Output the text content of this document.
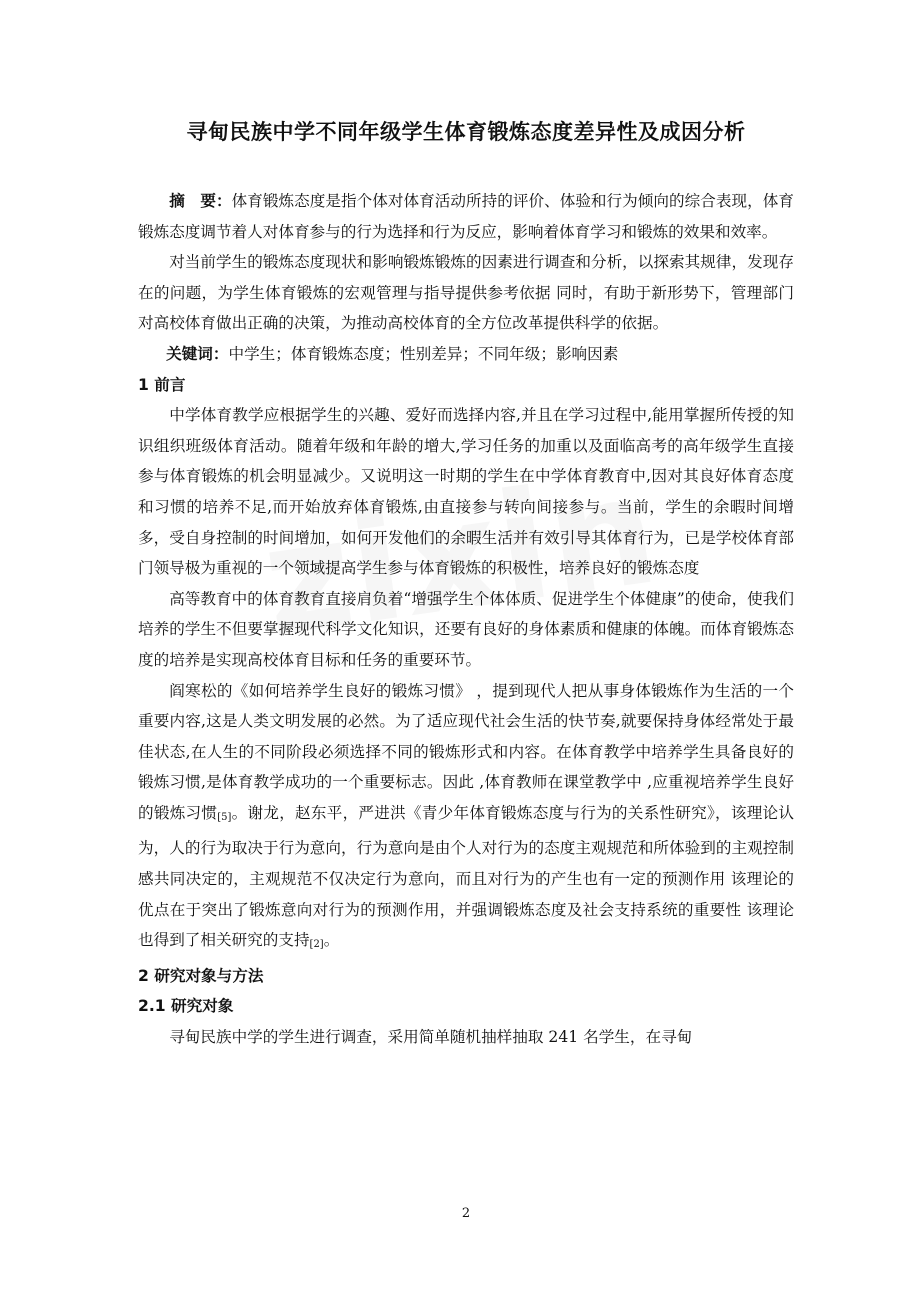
寻甸民族中学不同年级学生体育锻炼态度差异性及成因分析

摘　要：体育锻炼态度是指个体对体育活动所持的评价、体验和行为倾向的综合表现，体育锻炼态度调节着人对体育参与的行为选择和行为反应，影响着体育学习和锻炼的效果和效率。

对当前学生的锻炼态度现状和影响锻炼锻炼的因素进行调查和分析，以探索其规律，发现存在的问题，为学生体育锻炼的宏观管理与指导提供参考依据 同时，有助于新形势下，管理部门对高校体育做出正确的决策，为推动高校体育的全方位改革提供科学的依据。

关键词：中学生；体育锻炼态度；性别差异；不同年级；影响因素

1 前言

中学体育教学应根据学生的兴趣、爱好而选择内容,并且在学习过程中,能用掌握所传授的知识组织班级体育活动。随着年级和年龄的增大,学习任务的加重以及面临高考的高年级学生直接参与体育锻炼的机会明显减少。又说明这一时期的学生在中学体育教育中,因对其良好体育态度和习惯的培养不足,而开始放弃体育锻炼,由直接参与转向间接参与。当前，学生的余暇时间增多，受自身控制的时间增加，如何开发他们的余暇生活并有效引导其体育行为，已是学校体育部门领导极为重视的一个领域提高学生参与体育锻炼的积极性，培养良好的锻炼态度

高等教育中的体育教育直接肩负着“增强学生个体体质、促进学生个体健康”的使命，使我们培养的学生不但要掌握现代科学文化知识，还要有良好的身体素质和健康的体魄。而体育锻炼态度的培养是实现高校体育目标和任务的重要环节。

阎寒松的《如何培养学生良好的锻炼习惯》 ，提到现代人把从事身体锻炼作为生活的一个重要内容,这是人类文明发展的必然。为了适应现代社会生活的快节奏,就要保持身体经常处于最佳状态,在人生的不同阶段必须选择不同的锻炼形式和内容。在体育教学中培养学生具备良好的锻炼习惯,是体育教学成功的一个重要标志。因此 ,体育教师在课堂教学中 ,应重视培养学生良好的锻炼习惯[5]。谢龙，赵东平，严进洪《青少年体育锻炼态度与行为的关系性研究》，该理论认为，人的行为取决于行为意向，行为意向是由个人对行为的态度主观规范和所体验到的主观控制感共同决定的，主观规范不仅决定行为意向，而且对行为的产生也有一定的预测作用 该理论的优点在于突出了锻炼意向对行为的预测作用，并强调锻炼态度及社会支持系统的重要性 该理论也得到了相关研究的支持[2]。

2 研究对象与方法
2.1 研究对象

寻甸民族中学的学生进行调查，采用简单随机抽样抽取 241 名学生，在寻甸

2
